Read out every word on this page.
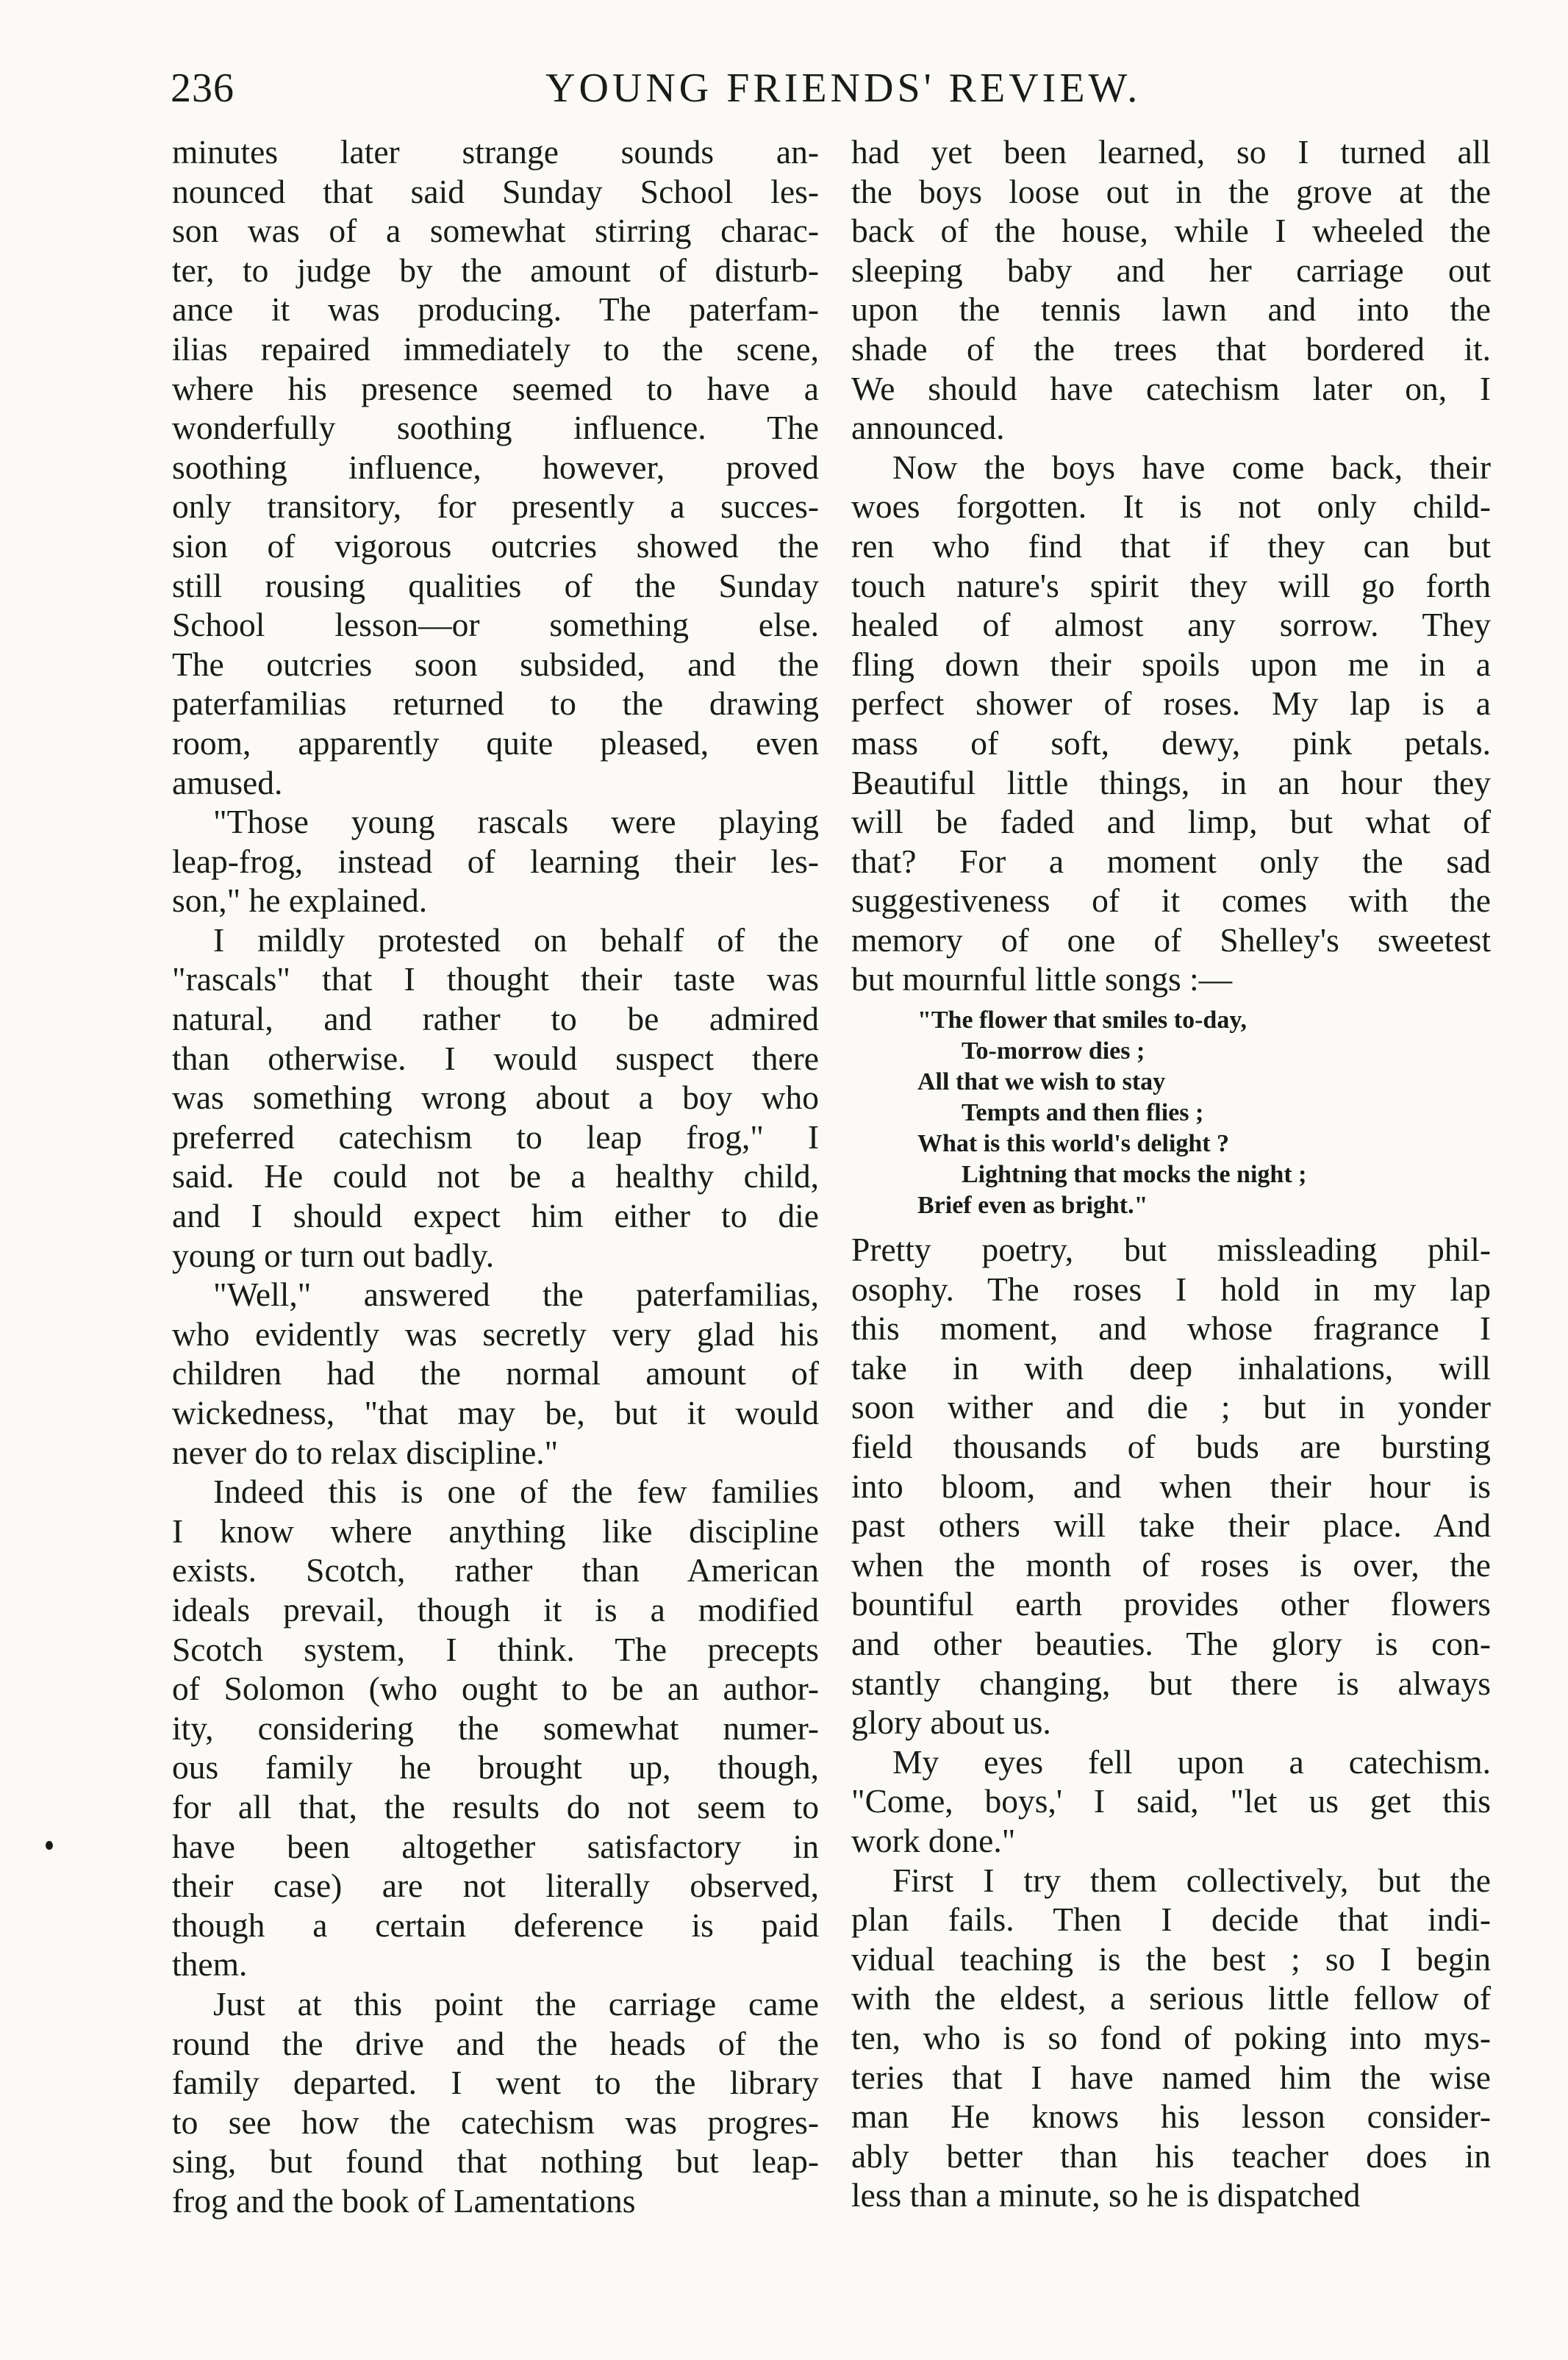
236	YOUNG FRIENDS' REVIEW.
minutes later strange sounds an-
nounced that said Sunday School les-
son was of a somewhat stirring charac-
ter, to judge by the amount of disturb-
ance it was producing. The paterfam-
ilias repaired immediately to the scene,
where his presence seemed to have a
wonderfully soothing influence. The
soothing influence, however, proved
only transitory, for presently a succes-
sion of vigorous outcries showed the
still rousing qualities of the Sunday
School lesson—or something else.
The outcries soon subsided, and the
paterfamilias returned to the drawing
room, apparently quite pleased, even
amused.
"Those young rascals were playing
leap-frog, instead of learning their les-
son," he explained.
I mildly protested on behalf of the
"rascals" that I thought their taste was
natural, and rather to be admired
than otherwise. I would suspect there
was something wrong about a boy who
preferred catechism to leap frog," I
said. He could not be a healthy child,
and I should expect him either to die
young or turn out badly.
"Well," answered the paterfamilias,
who evidently was secretly very glad his
children had the normal amount of
wickedness, "that may be, but it would
never do to relax discipline."
Indeed this is one of the few families
I know where anything like discipline
exists. Scotch, rather than American
ideals prevail, though it is a modified
Scotch system, I think. The precepts
of Solomon (who ought to be an author-
ity, considering the somewhat numer-
ous family he brought up, though,
for all that, the results do not seem to
have been altogether satisfactory in
their case) are not literally observed,
though a certain deference is paid
them.
Just at this point the carriage came
round the drive and the heads of the
family departed. I went to the library
to see how the catechism was progres-
sing, but found that nothing but leap-
frog and the book of Lamentations
had yet been learned, so I turned all
the boys loose out in the grove at the
back of the house, while I wheeled the
sleeping baby and her carriage out
upon the tennis lawn and into the
shade of the trees that bordered it.
We should have catechism later on, I
announced.
Now the boys have come back, their
woes forgotten. It is not only child-
ren who find that if they can but
touch nature's spirit they will go forth
healed of almost any sorrow. They
fling down their spoils upon me in a
perfect shower of roses. My lap is a
mass of soft, dewy, pink petals.
Beautiful little things, in an hour they
will be faded and limp, but what of
that? For a moment only the sad
suggestiveness of it comes with the
memory of one of Shelley's sweetest
but mournful little songs :—
"The flower that smiles to-day,
To-morrow dies ;
All that we wish to stay
Tempts and then flies ;
What is this world's delight ?
Lightning that mocks the night ;
Brief even as bright."
Pretty poetry, but missleading phil-
osophy. The roses I hold in my lap
this moment, and whose fragrance I
take in with deep inhalations, will
soon wither and die ; but in yonder
field thousands of buds are bursting
into bloom, and when their hour is
past others will take their place. And
when the month of roses is over, the
bountiful earth provides other flowers
and other beauties. The glory is con-
stantly changing, but there is always
glory about us.
My eyes fell upon a catechism.
"Come, boys,' I said, "let us get this
work done."
First I try them collectively, but the
plan fails. Then I decide that indi-
vidual teaching is the best ; so I begin
with the eldest, a serious little fellow of
ten, who is so fond of poking into mys-
teries that I have named him the wise
man He knows his lesson consider-
ably better than his teacher does in
less than a minute, so he is dispatched
